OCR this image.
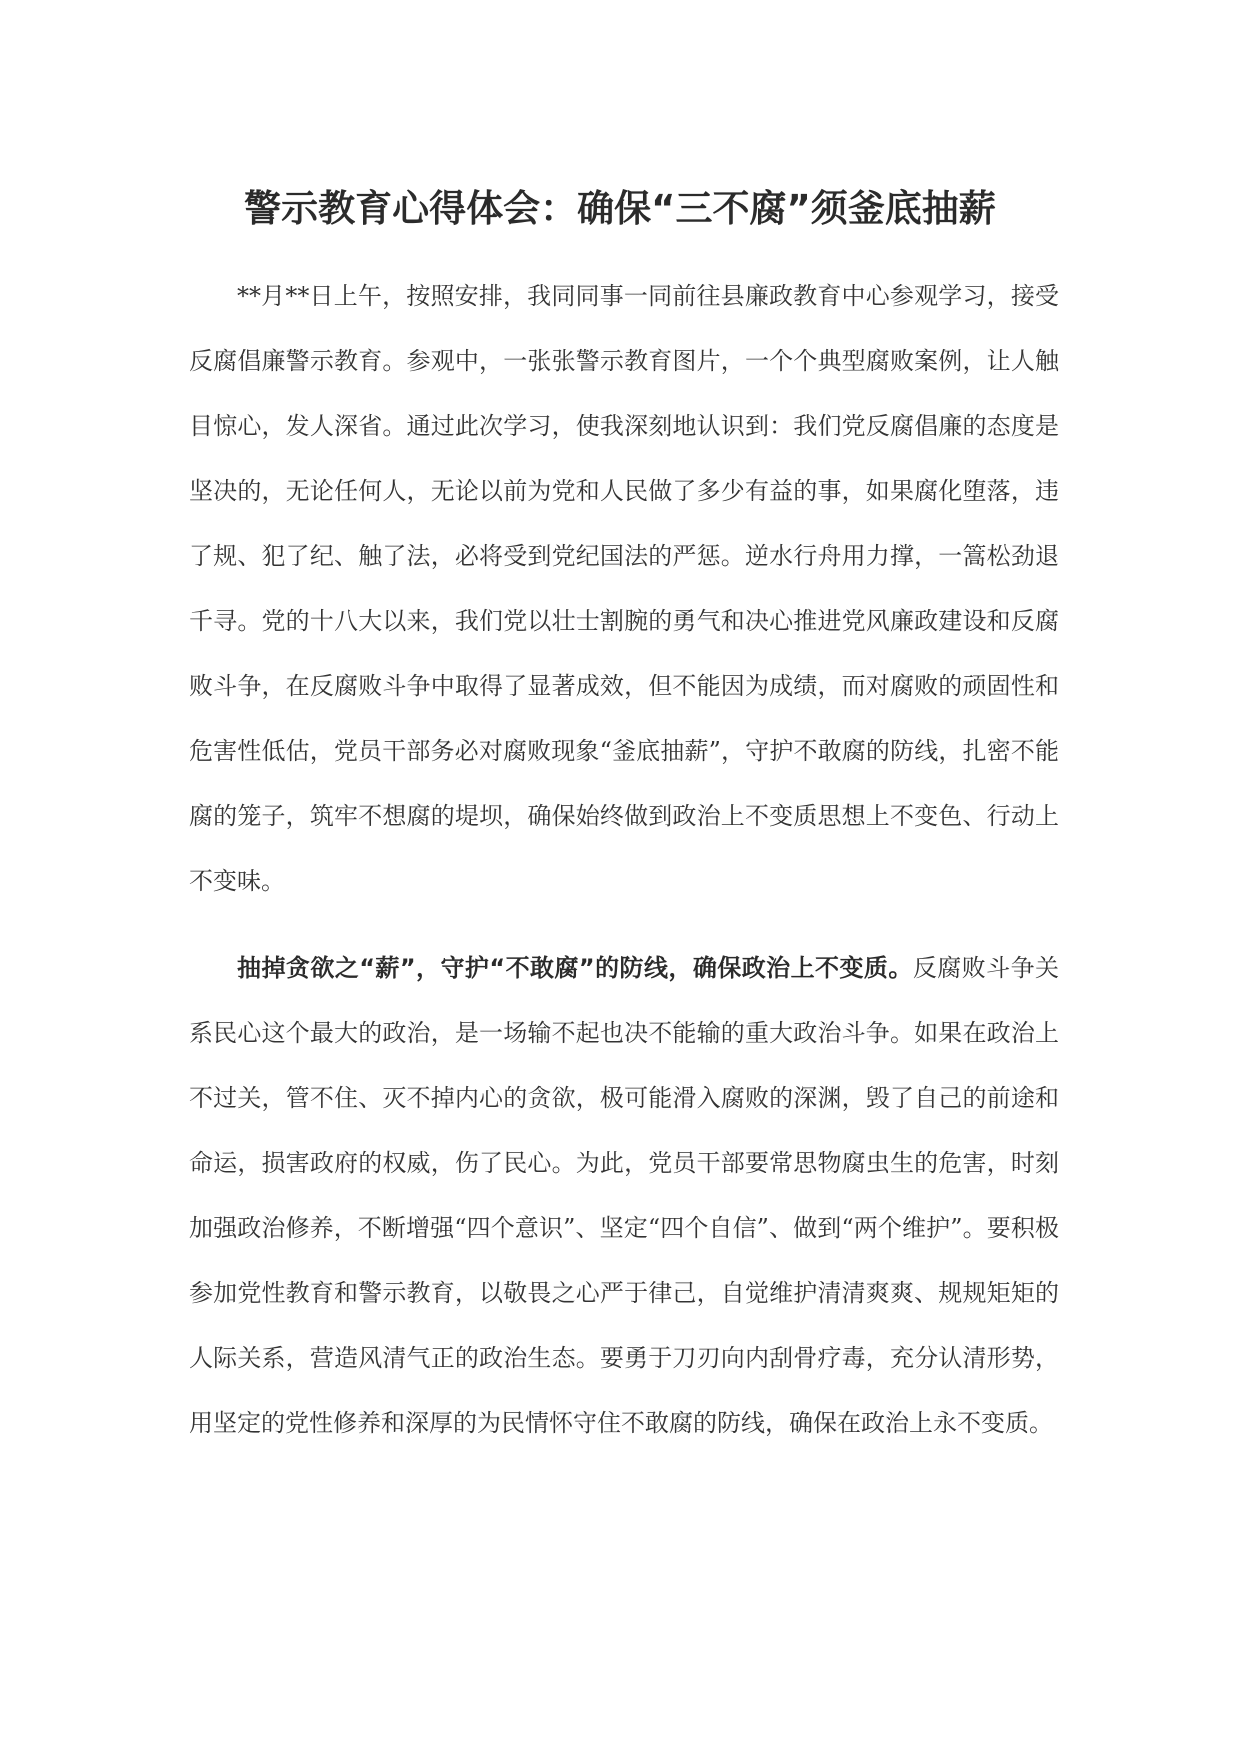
警示教育心得体会：确保“三不腐”须釜底抽薪

**月**日上午，按照安排，我同同事一同前往县廉政教育中心参观学习，接受反腐倡廉警示教育。参观中，一张张警示教育图片，一个个典型腐败案例，让人触目惊心，发人深省。通过此次学习，使我深刻地认识到：我们党反腐倡廉的态度是坚决的，无论任何人，无论以前为党和人民做了多少有益的事，如果腐化堕落，违了规、犯了纪、触了法，必将受到党纪国法的严惩。逆水行舟用力撑，一篙松劲退千寻。党的十八大以来，我们党以壮士割腕的勇气和决心推进党风廉政建设和反腐败斗争，在反腐败斗争中取得了显著成效，但不能因为成绩，而对腐败的顽固性和危害性低估，党员干部务必对腐败现象“釜底抽薪”，守护不敢腐的防线，扎密不能腐的笼子，筑牢不想腐的堤坝，确保始终做到政治上不变质思想上不变色、行动上不变味。

抽掉贪欲之“薪”，守护“不敢腐”的防线，确保政治上不变质。反腐败斗争关系民心这个最大的政治，是一场输不起也决不能输的重大政治斗争。如果在政治上不过关，管不住、灭不掉内心的贪欲，极可能滑入腐败的深渊，毁了自己的前途和命运，损害政府的权威，伤了民心。为此，党员干部要常思物腐虫生的危害，时刻加强政治修养，不断增强“四个意识”、坚定“四个自信”、做到“两个维护”。要积极参加党性教育和警示教育，以敬畏之心严于律己，自觉维护清清爽爽、规规矩矩的人际关系，营造风清气正的政治生态。要勇于刀刃向内刮骨疗毒，充分认清形势，用坚定的党性修养和深厚的为民情怀守住不敢腐的防线，确保在政治上永不变质。
